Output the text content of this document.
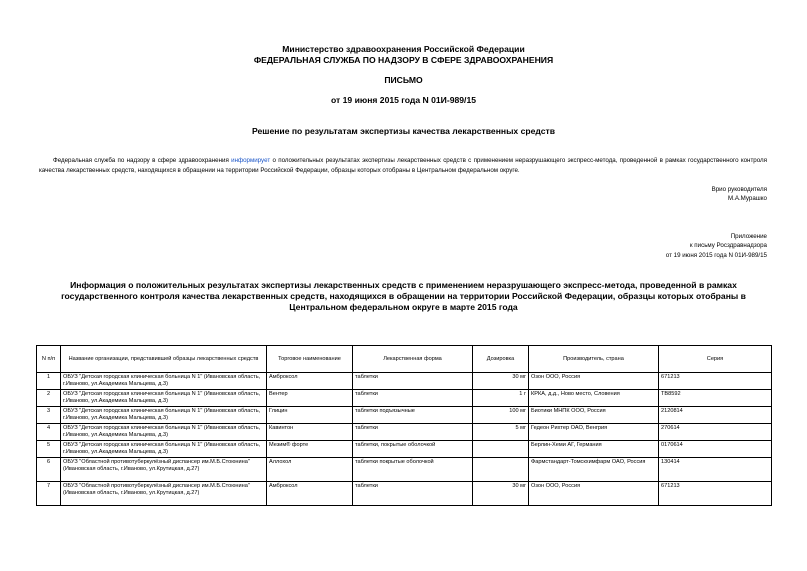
Министерство здравоохранения Российской Федерации
ФЕДЕРАЛЬНАЯ СЛУЖБА ПО НАДЗОРУ В СФЕРЕ ЗДРАВООХРАНЕНИЯ
ПИСЬМО
от 19 июня 2015 года N 01И-989/15
Решение по результатам экспертизы качества лекарственных средств
Федеральная служба по надзору в сфере здравоохранения информирует о положительных результатах экспертизы лекарственных средств с применением неразрушающего экспресс-метода, проведенной в рамках государственного контроля качества лекарственных средств, находящихся в обращении на территории Российской Федерации, образцы которых отобраны в Центральном федеральном округе.
Врио руководителя
М.А.Мурашко
Приложение
к письму Росздравнадзора
от 19 июня 2015 года N 01И-989/15
Информация о положительных результатах экспертизы лекарственных средств с применением неразрушающего экспресс-метода, проведенной в рамках государственного контроля качества лекарственных средств, находящихся в обращении на территории Российской Федерации, образцы которых отобраны в Центральном федеральном округе в марте 2015 года
N п/п	Название организации, представившей образцы лекарственных средств	Торговое наименование	Лекарственная форма	Дозировка	Производитель, страна	Серия
1	ОБУЗ "Детская городская клиническая больница N 1" (Ивановская область, г.Иваново, ул.Академика Мальцева, д.3)	Амброксол	таблетки	30 мг	Озон ООО, Россия	671213
2	ОБУЗ "Детская городская клиническая больница N 1" (Ивановская область, г.Иваново, ул.Академика Мальцева, д.3)	Вентер	таблетки	1 г	КРКА, д.д., Ново место, Словения	TB8592
3	ОБУЗ "Детская городская клиническая больница N 1" (Ивановская область, г.Иваново, ул.Академика Мальцева, д.3)	Глицин	таблетки подъязычные	100 мг	Биотики МНПК ООО, Россия	2120814
4	ОБУЗ "Детская городская клиническая больница N 1" (Ивановская область, г.Иваново, ул.Академика Мальцева, д.3)	Кавинтон	таблетки	5 мг	Гедеон Рихтер ОАО, Венгрия	270614
5	ОБУЗ "Детская городская клиническая больница N 1" (Ивановская область, г.Иваново, ул.Академика Мальцева, д.3)	Мезим® форте	таблетки, покрытые оболочкой		Берлин-Хеми АГ, Германия	0170614
6	ОБУЗ "Областной противотуберкулёзный диспансер им.М.Б.Стоюнина" (Ивановская область, г.Иваново, ул.Крутицкая, д.27)	Аллохол	таблетки покрытые оболочкой		Фармстандарт-Томскхимфарм ОАО, Россия	130414
7	ОБУЗ "Областной противотуберкулёзный диспансер им.М.Б.Стоюнина" (Ивановская область, г.Иваново, ул.Крутицкая, д.27)	Амброксол	таблетки	30 мг	Озон ООО, Россия	671213
